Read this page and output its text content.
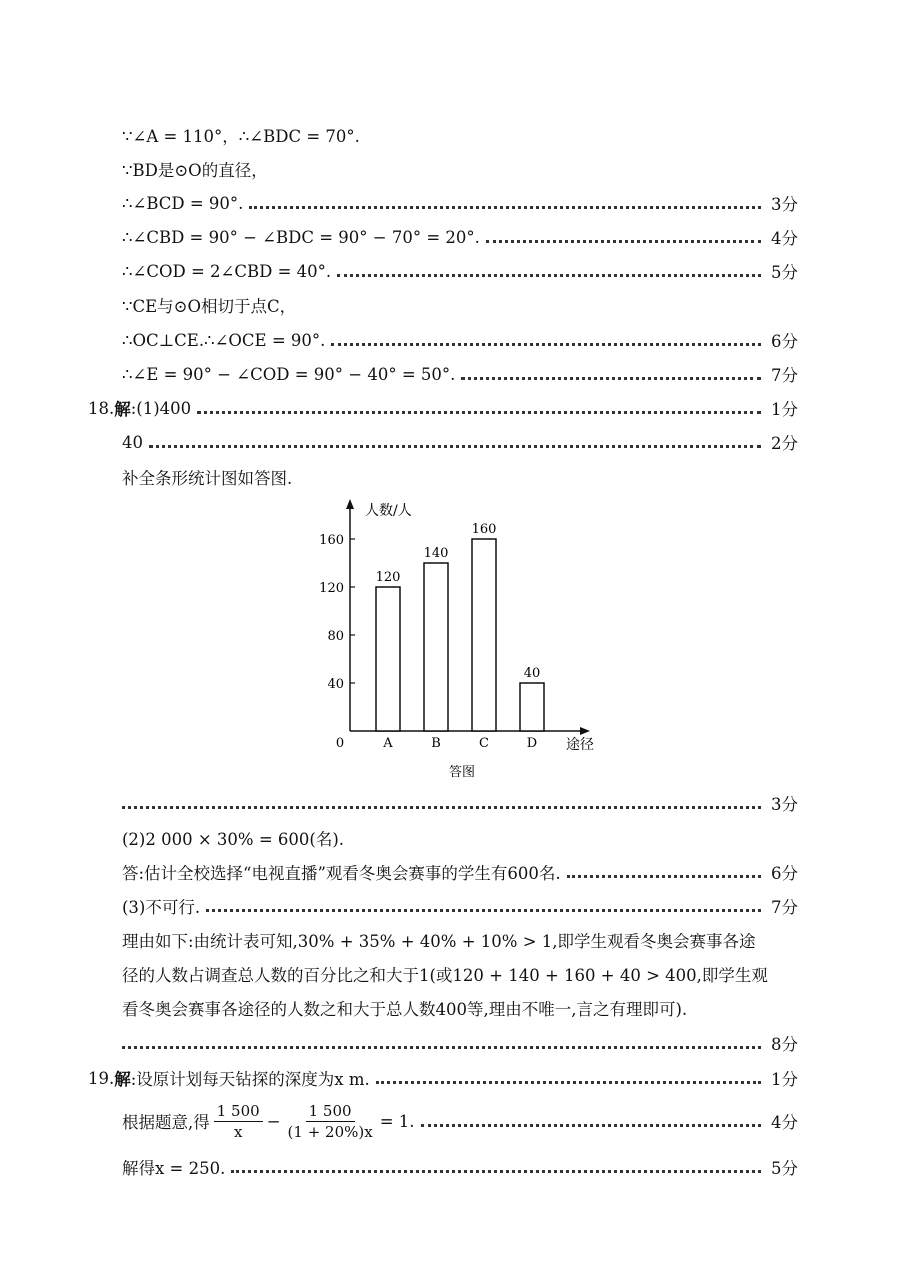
∵∠A = 110°，∴∠BDC = 70°.
∵BD是⊙O的直径，
∴∠BCD = 90°.	3分
∴∠CBD = 90° − ∠BDC = 90° − 70° = 20°.	4分
∴∠COD = 2∠CBD = 40°.	5分
∵CE与⊙O相切于点C，
∴OC⊥CE.∴∠OCE = 90°.	6分
∴∠E = 90° − ∠COD = 90° − 40° = 50°.	7分
18. 解 :(1)400	1分
40	2分
补全条形统计图如答图.
40
80
120
160
120
A
140
B
160
C
40
D
人数/人
途径
0
答图
3分
(2)2 000 × 30% = 600(名).
答:估计全校选择“电视直播”观看冬奥会赛事的学生有600名.	6分
(3)不可行.	7分
理由如下:由统计表可知,30% + 35% + 40% + 10% > 1,即学生观看冬奥会赛事各途
径的人数占调查总人数的百分比之和大于1(或120 + 140 + 160 + 40 > 400,即学生观
看冬奥会赛事各途径的人数之和大于总人数400等,理由不唯一,言之有理即可).
8分
19. 解 :设原计划每天钻探的深度为x m.	1分
根据题意,得 $\frac{1 500}{x} - \frac{1 500}{(1 + 20\%)x} = 1$.	4分
解得x = 250.	5分
